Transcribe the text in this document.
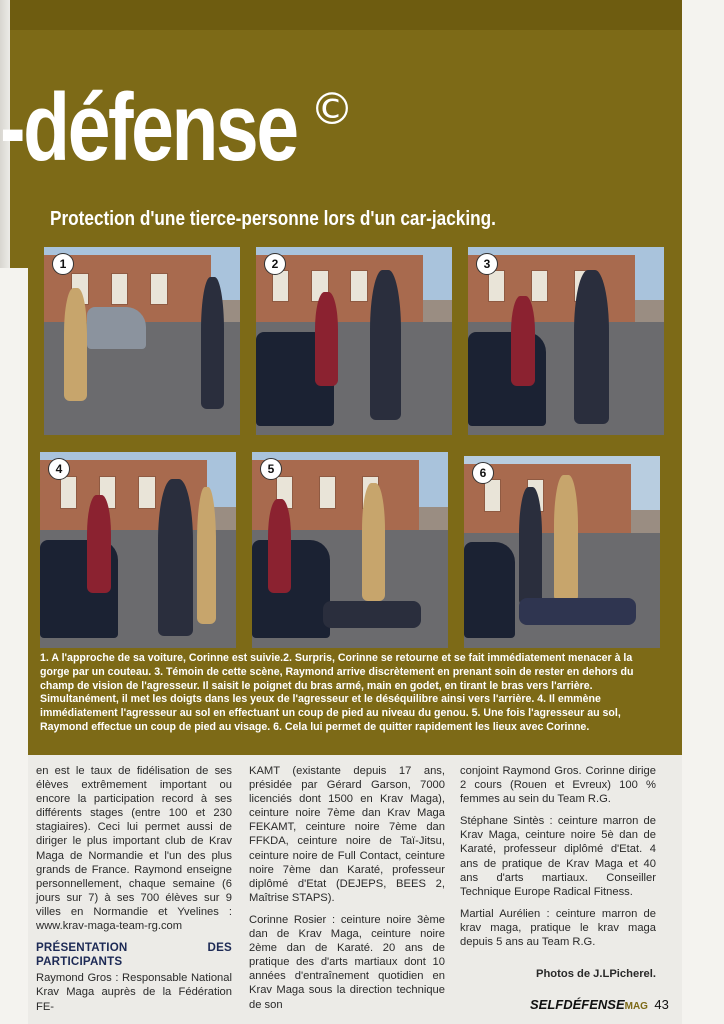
-défense ©
Protection d'une tierce-personne lors d'un car-jacking.
1	2	3
4	5	6
1. A l'approche de sa voiture, Corinne est suivie.2. Surpris, Corinne se retourne et se fait immédiatement menacer à la gorge par un couteau. 3. Témoin de cette scène, Raymond arrive discrètement en prenant soin de rester en dehors du champ de vision de l'agresseur. Il saisit le poignet du bras armé, main en godet, en tirant le bras vers l'arrière. Simultanément, il met les doigts dans les yeux de l'agresseur et le déséquilibre ainsi vers l'arrière. 4. Il emmène immédiatement l'agresseur au sol en effectuant un coup de pied au niveau du genou. 5. Une fois l'agresseur au sol, Raymond effectue un coup de pied au visage. 6. Cela lui permet de quitter rapidement les lieux avec Corinne.

en est le taux de fidélisation de ses élèves extrêmement important ou encore la participation record à ses différents stages (entre 100 et 230 stagiaires). Ceci lui permet aussi de diriger le plus important club de Krav Maga de Normandie et l'un des plus grands de France. Raymond enseigne personnellement, chaque semaine (6 jours sur 7) à ses 700 élèves sur 9 villes en Normandie et Yvelines : www.krav-maga-team-rg.com

PRÉSENTATION DES PARTICIPANTS

Raymond Gros : Responsable National Krav Maga auprès de la Fédération FE-

KAMT (existante depuis 17 ans, présidée par Gérard Garson, 7000 licenciés dont 1500 en Krav Maga), ceinture noire 7ème dan Krav Maga FEKAMT, ceinture noire 7ème dan FFKDA, ceinture noire de Taï-Jitsu, ceinture noire de Full Contact, ceinture noire 7ème dan Karaté, professeur diplômé d'Etat (DEJEPS, BEES 2, Maîtrise STAPS).

Corinne Rosier : ceinture noire 3ème dan de Krav Maga, ceinture noire 2ème dan de Karaté. 20 ans de pratique des d'arts martiaux dont 10 années d'entraînement quotidien en Krav Maga sous la direction technique de son

conjoint Raymond Gros. Corinne dirige 2 cours (Rouen et Evreux) 100 % femmes au sein du Team R.G.

Stéphane Sintès : ceinture marron de Krav Maga, ceinture noire 5è dan de Karaté, professeur diplômé d'Etat. 4 ans de pratique de Krav Maga et 40 ans d'arts martiaux. Conseiller Technique Europe Radical Fitness.

Martial Aurélien : ceinture marron de krav maga, pratique le krav maga depuis 5 ans au Team R.G.

Photos de J.LPicherel.
SELFDÉFENSEMAG 43
